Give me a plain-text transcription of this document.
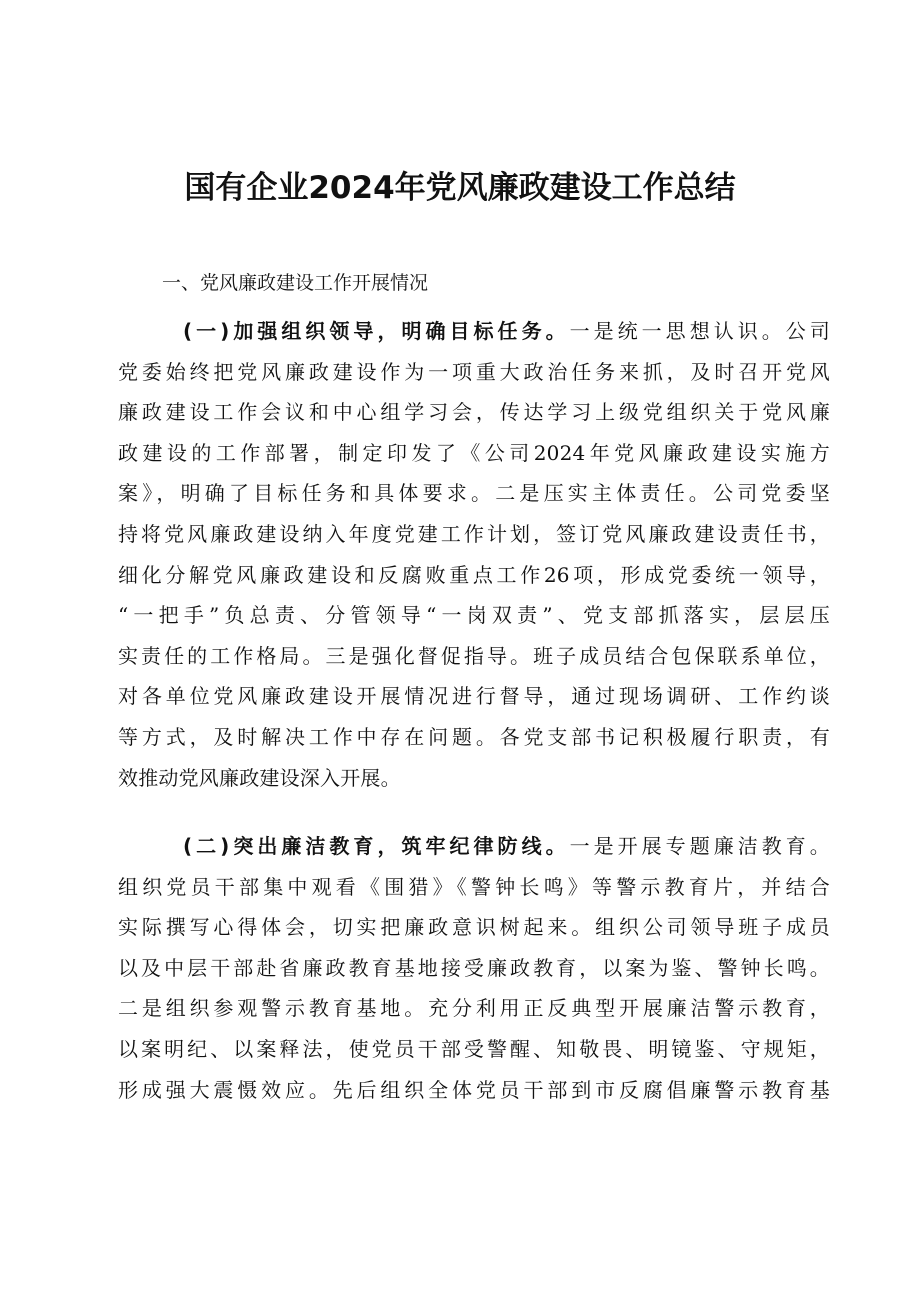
国有企业2024年党风廉政建设工作总结
一、党风廉政建设工作开展情况
(一)加强组织领导，明确目标任务。一是统一思想认识。公司
党委始终把党风廉政建设作为一项重大政治任务来抓，及时召开党风
廉政建设工作会议和中心组学习会，传达学习上级党组织关于党风廉
政建设的工作部署，制定印发了《公司2024年党风廉政建设实施方
案》，明确了目标任务和具体要求。二是压实主体责任。公司党委坚
持将党风廉政建设纳入年度党建工作计划，签订党风廉政建设责任书，
细化分解党风廉政建设和反腐败重点工作26项，形成党委统一领导，
“一把手”负总责、分管领导“一岗双责”、党支部抓落实，层层压
实责任的工作格局。三是强化督促指导。班子成员结合包保联系单位，
对各单位党风廉政建设开展情况进行督导，通过现场调研、工作约谈
等方式，及时解决工作中存在问题。各党支部书记积极履行职责，有
效推动党风廉政建设深入开展。
(二)突出廉洁教育，筑牢纪律防线。一是开展专题廉洁教育。
组织党员干部集中观看《围猎》《警钟长鸣》等警示教育片，并结合
实际撰写心得体会，切实把廉政意识树起来。组织公司领导班子成员
以及中层干部赴省廉政教育基地接受廉政教育，以案为鉴、警钟长鸣。
二是组织参观警示教育基地。充分利用正反典型开展廉洁警示教育，
以案明纪、以案释法，使党员干部受警醒、知敬畏、明镜鉴、守规矩，
形成强大震慑效应。先后组织全体党员干部到市反腐倡廉警示教育基
